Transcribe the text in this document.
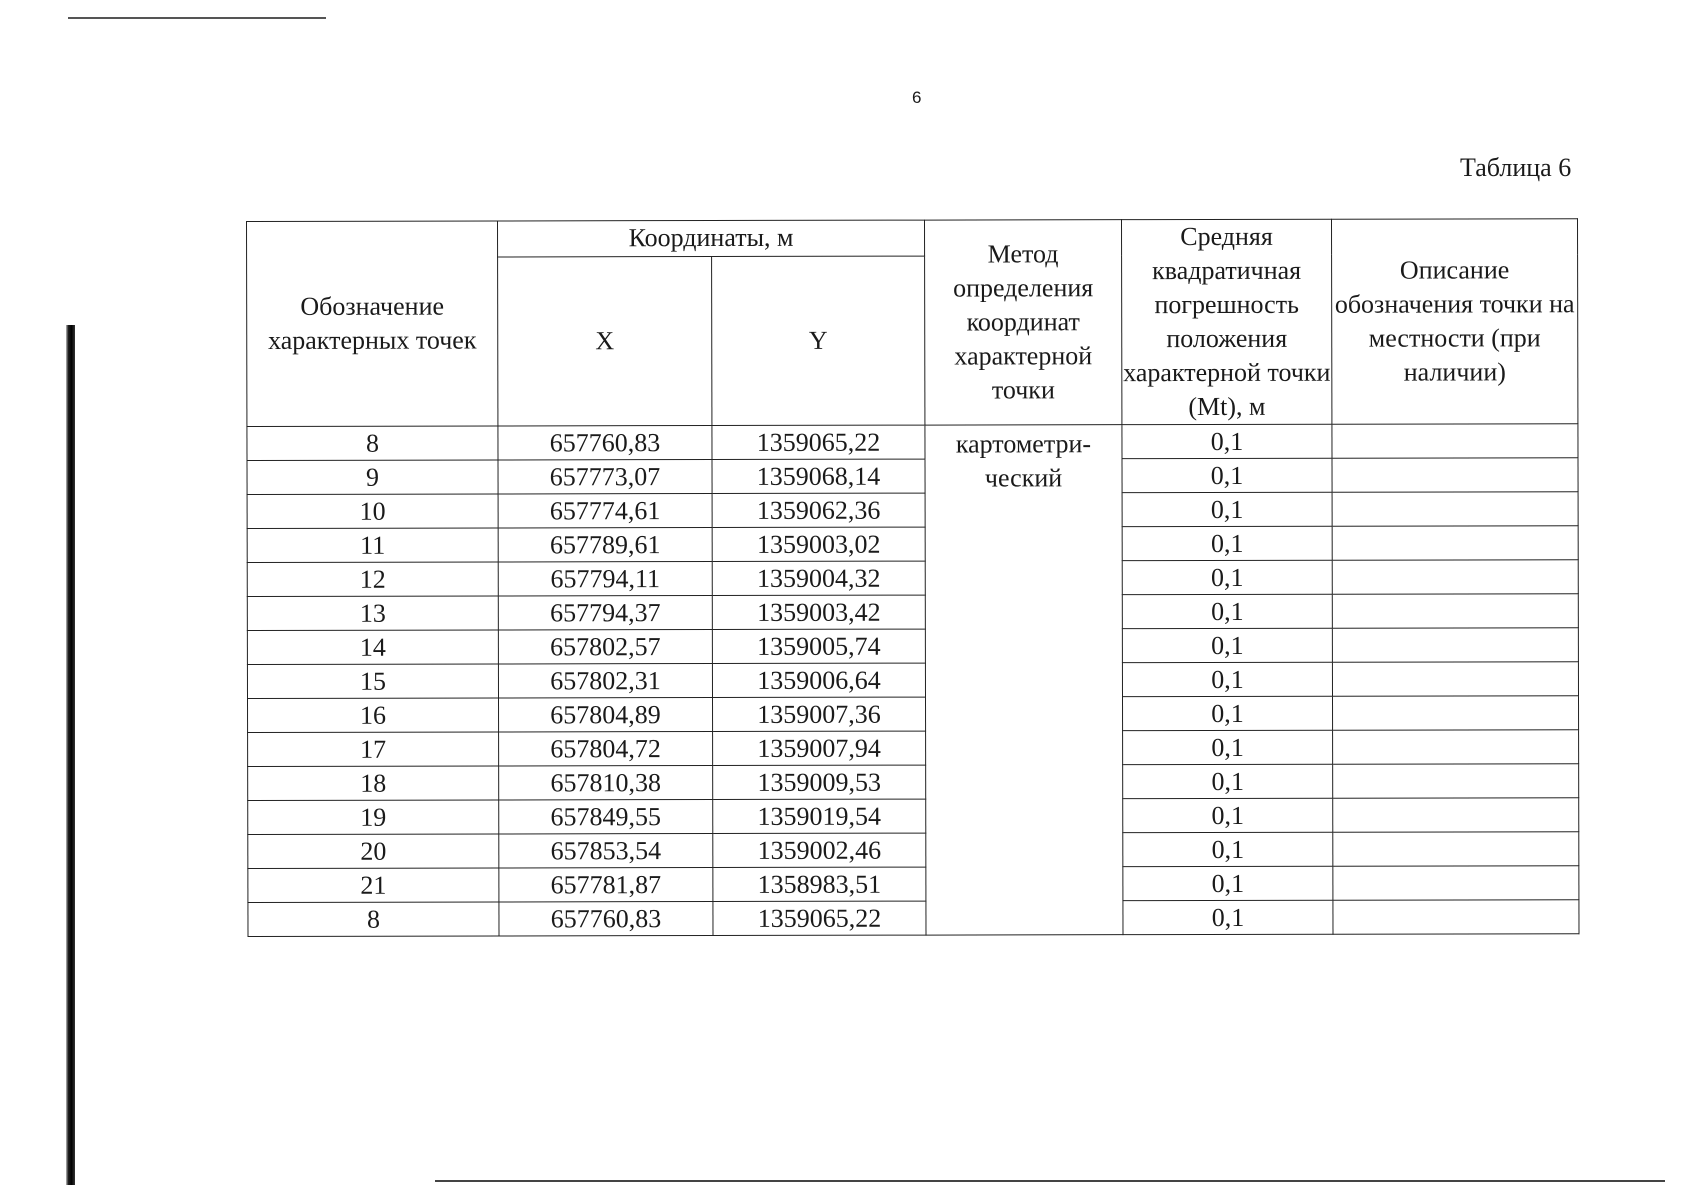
6
Таблица 6
Обозначение характерных точек	Координаты, м		Метод определения координат характерной точки	Средняя квадратичная погрешность положения характерной точки (Mt), м	Описание обозначения точки на местности (при наличии)
	X	Y			
8	657760,83	1359065,22	картометри-ческий	0,1	
9	657773,07	1359068,14		0,1	
10	657774,61	1359062,36		0,1	
11	657789,61	1359003,02		0,1	
12	657794,11	1359004,32		0,1	
13	657794,37	1359003,42		0,1	
14	657802,57	1359005,74		0,1	
15	657802,31	1359006,64		0,1	
16	657804,89	1359007,36		0,1	
17	657804,72	1359007,94		0,1	
18	657810,38	1359009,53		0,1	
19	657849,55	1359019,54		0,1	
20	657853,54	1359002,46		0,1	
21	657781,87	1358983,51		0,1	
8	657760,83	1359065,22		0,1	
